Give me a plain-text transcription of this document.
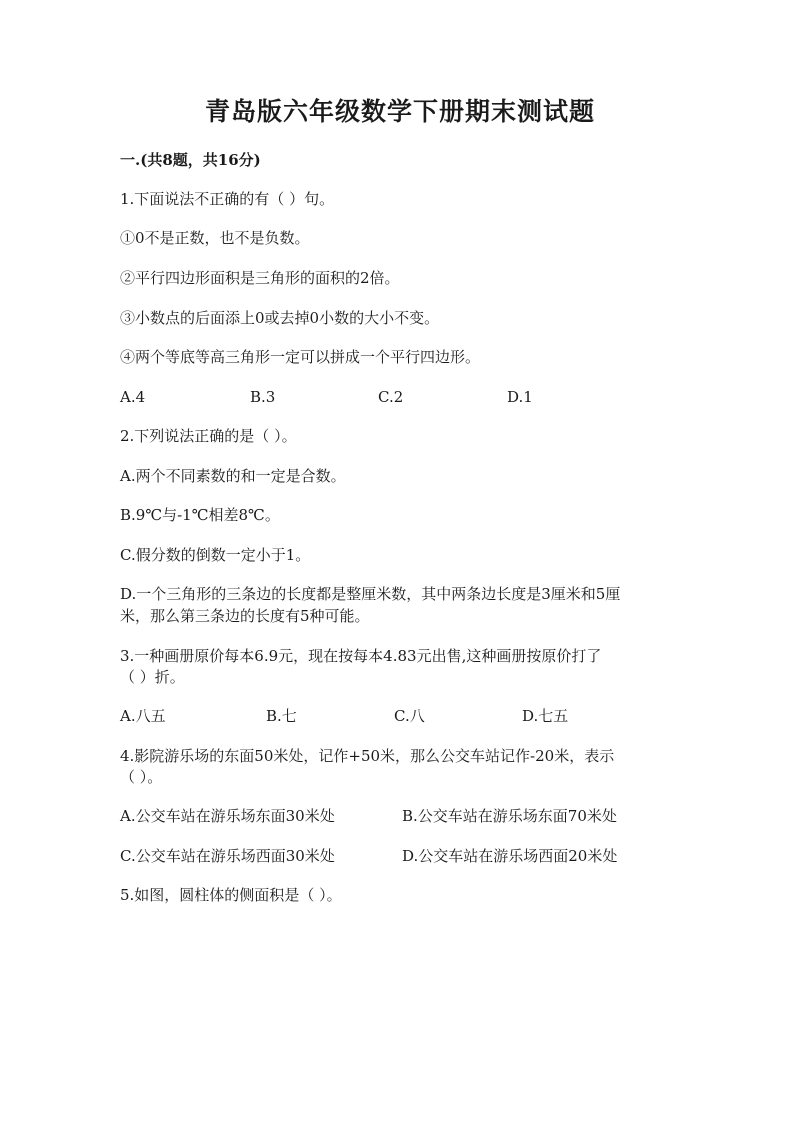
青岛版六年级数学下册期末测试题
一.(共8题，共16分)
1.下面说法不正确的有（ ）句。
①0不是正数，也不是负数。
②平行四边形面积是三角形的面积的2倍。
③小数点的后面添上0或去掉0小数的大小不变。
④两个等底等高三角形一定可以拼成一个平行四边形。
A.4	B.3	C.2	D.1
2.下列说法正确的是（ ）。
A.两个不同素数的和一定是合数。
B.9℃与-1℃相差8℃。
C.假分数的倒数一定小于1。
D.一个三角形的三条边的长度都是整厘米数，其中两条边长度是3厘米和5厘
米，那么第三条边的长度有5种可能。
3.一种画册原价每本6.9元，现在按每本4.83元出售,这种画册按原价打了
（ ）折。
A.八五	B.七	C.八	D.七五
4.影院游乐场的东面50米处，记作+50米，那么公交车站记作-20米，表示
（ ）。
A.公交车站在游乐场东面30米处	B.公交车站在游乐场东面70米处
C.公交车站在游乐场西面30米处	D.公交车站在游乐场西面20米处
5.如图，圆柱体的侧面积是（ ）。
